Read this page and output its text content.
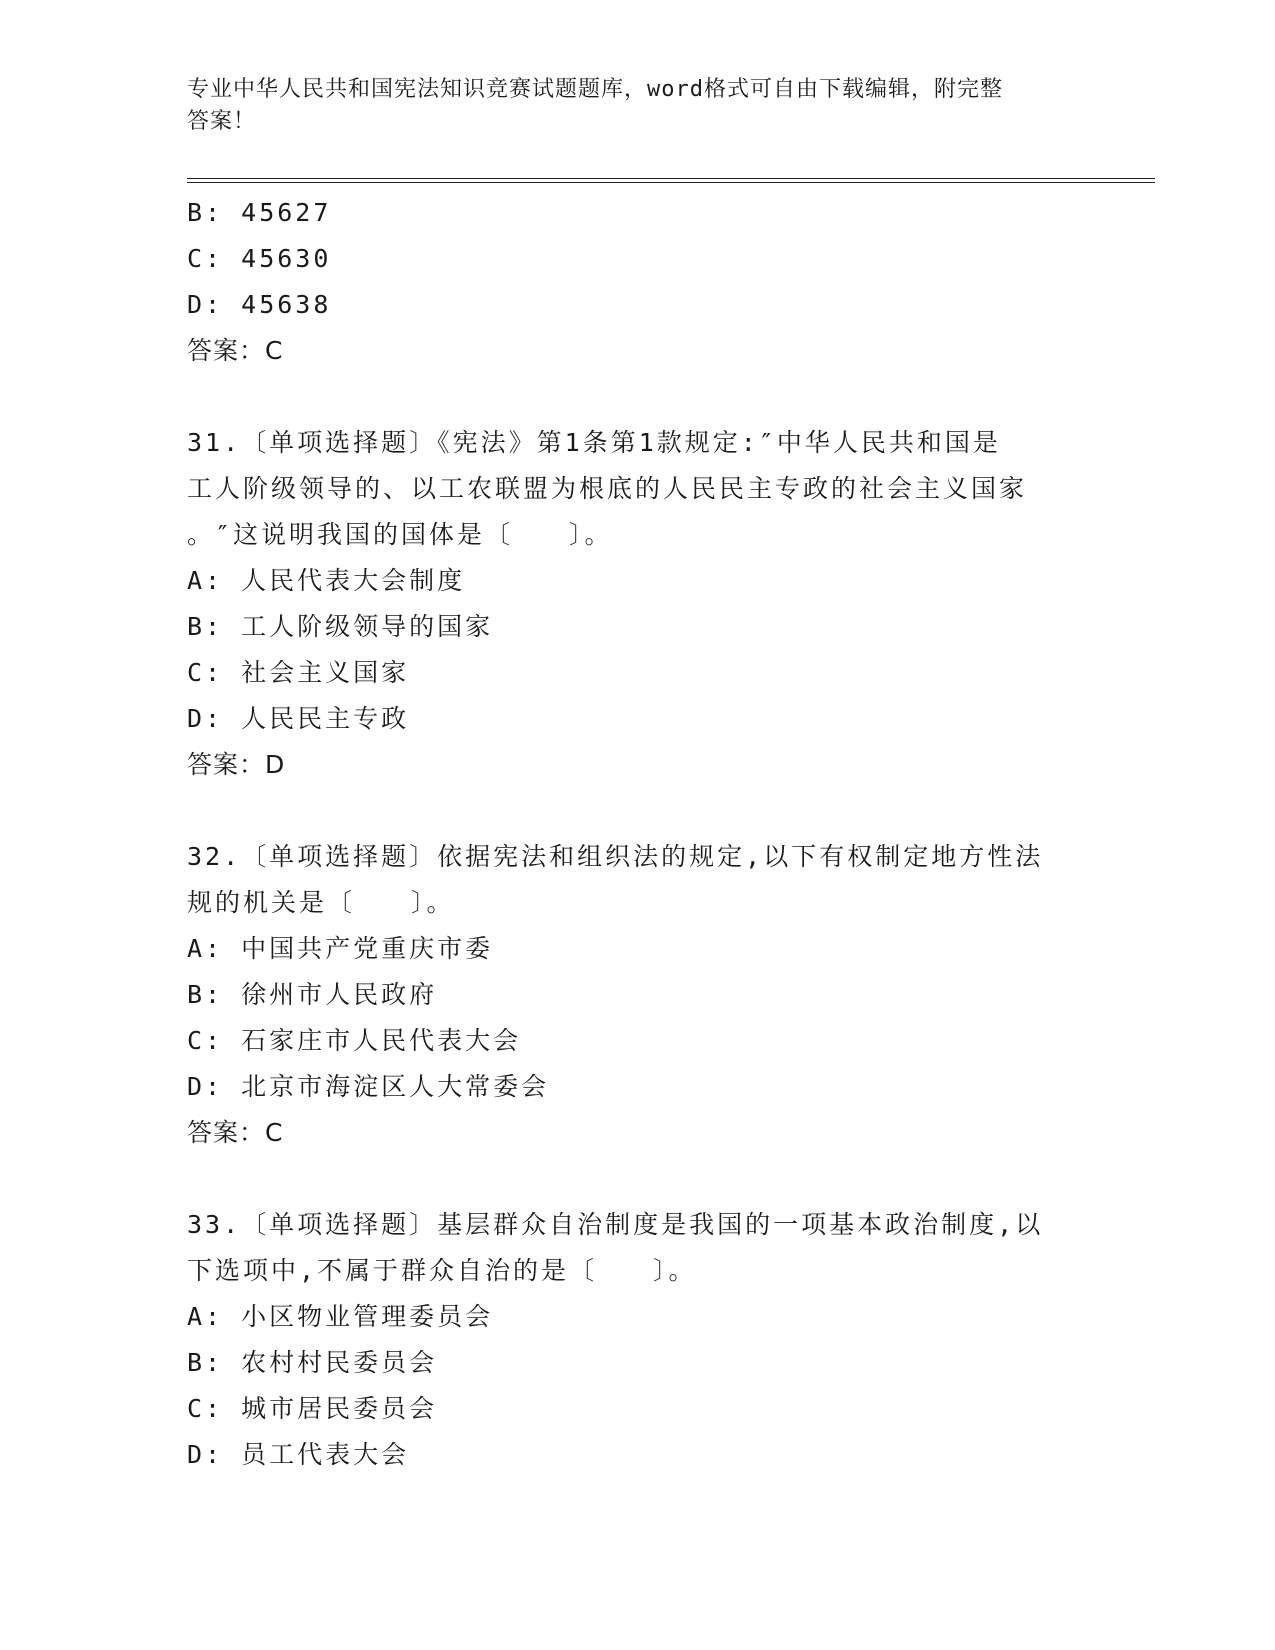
专业中华人民共和国宪法知识竞赛试题题库，word格式可自由下载编辑，附完整
答案！
B: 45627
C: 45630
D: 45638
答案：C
31.〔单项选择题〕《宪法》第1条第1款规定:″中华人民共和国是
工人阶级领导的、以工农联盟为根底的人民民主专政的社会主义国家
。″这说明我国的国体是〔　　〕。
A: 人民代表大会制度
B: 工人阶级领导的国家
C: 社会主义国家
D: 人民民主专政
答案：D
32.〔单项选择题〕依据宪法和组织法的规定,以下有权制定地方性法
规的机关是〔　　〕。
A: 中国共产党重庆市委
B: 徐州市人民政府
C: 石家庄市人民代表大会
D: 北京市海淀区人大常委会
答案：C
33.〔单项选择题〕基层群众自治制度是我国的一项基本政治制度,以
下选项中,不属于群众自治的是〔　　〕。
A: 小区物业管理委员会
B: 农村村民委员会
C: 城市居民委员会
D: 员工代表大会
